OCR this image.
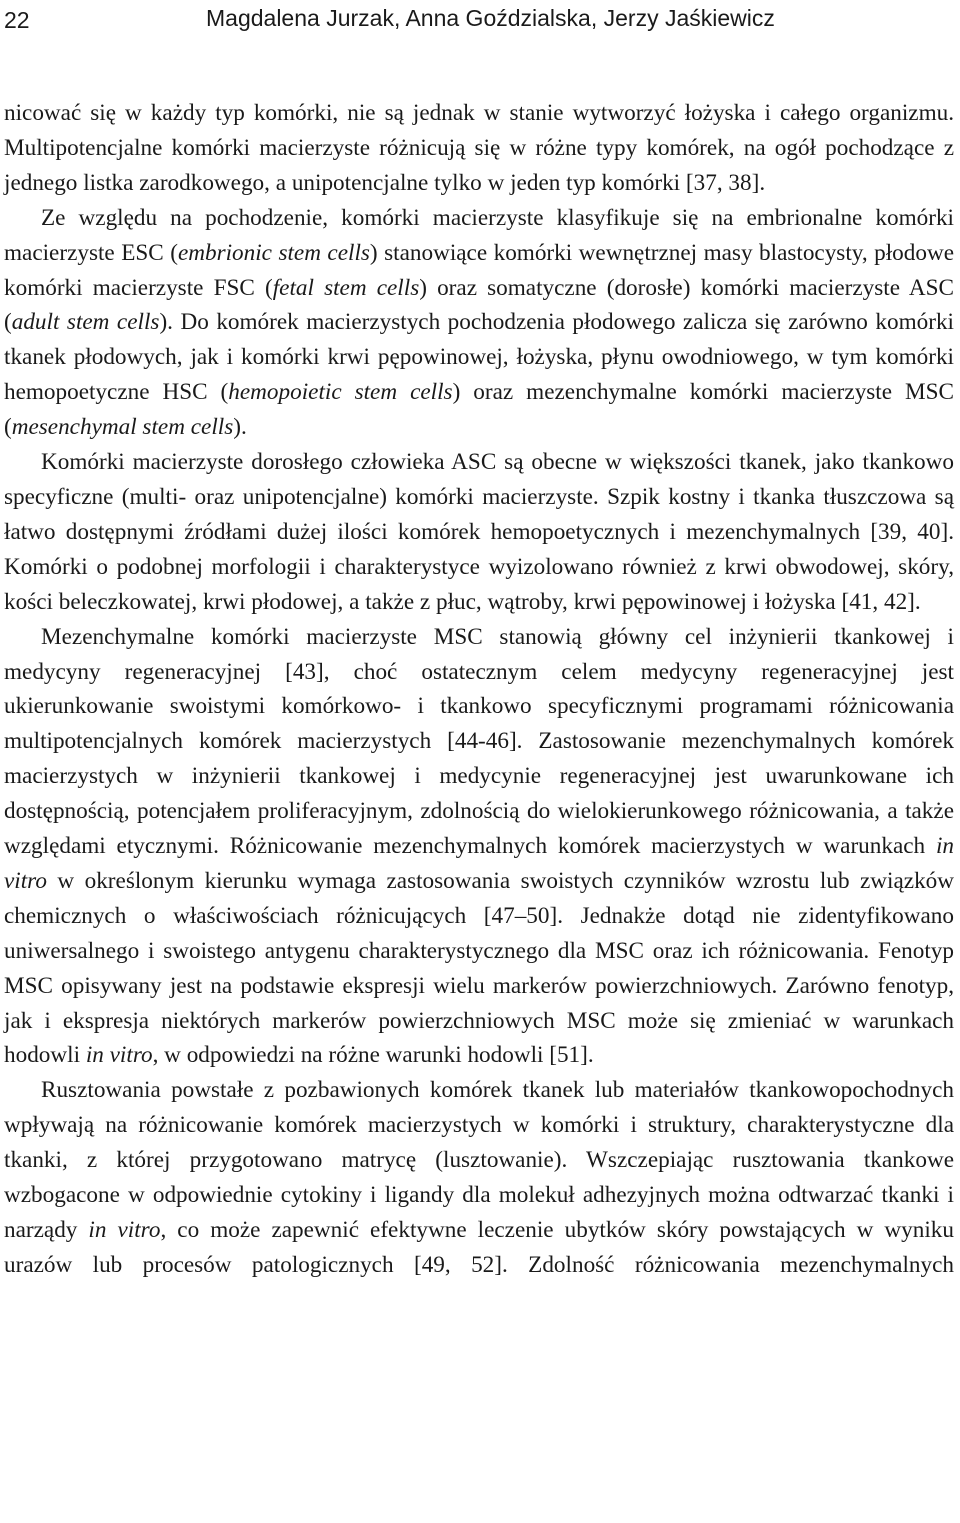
22	Magdalena Jurzak, Anna Goździalska, Jerzy Jaśkiewicz

nicować się w każdy typ komórki, nie są jednak w stanie wytworzyć łożyska i całego organizmu. Multipotencjalne komórki macierzyste różnicują się w różne typy komórek, na ogół pochodzące z jednego listka zarodkowego, a unipotencjalne tylko w jeden typ komórki [37, 38].

Ze względu na pochodzenie, komórki macierzyste klasyfikuje się na embrionalne komórki macierzyste ESC (embrionic stem cells) stanowiące komórki wewnętrznej masy blastocysty, płodowe komórki macierzyste FSC (fetal stem cells) oraz somatyczne (dorosłe) komórki macierzyste ASC (adult stem cells). Do komórek macierzystych pochodzenia płodowego zalicza się zarówno komórki tkanek płodowych, jak i komórki krwi pępowinowej, łożyska, płynu owodniowego, w tym komórki hemopoetyczne HSC (hemopoietic stem cells) oraz mezenchymalne komórki macierzyste MSC (mesenchymal stem cells).

Komórki macierzyste dorosłego człowieka ASC są obecne w większości tkanek, jako tkankowo specyficzne (multi- oraz unipotencjalne) komórki macierzyste. Szpik kostny i tkanka tłuszczowa są łatwo dostępnymi źródłami dużej ilości komórek hemopoetycznych i mezenchymalnych [39, 40]. Komórki o podobnej morfologii i charakterystyce wyizolowano również z krwi obwodowej, skóry, kości beleczkowatej, krwi płodowej, a także z płuc, wątroby, krwi pępowinowej i łożyska [41, 42].

Mezenchymalne komórki macierzyste MSC stanowią główny cel inżynierii tkankowej i medycyny regeneracyjnej [43], choć ostatecznym celem medycyny regeneracyjnej jest ukierunkowanie swoistymi komórkowo- i tkankowo specyficznymi programami różnicowania multipotencjalnych komórek macierzystych [44-46]. Zastosowanie mezenchymalnych komórek macierzystych w inżynierii tkankowej i medycynie regeneracyjnej jest uwarunkowane ich dostępnością, potencjałem proliferacyjnym, zdolnością do wielokierunkowego różnicowania, a także względami etycznymi. Różnicowanie mezenchymalnych komórek macierzystych w warunkach in vitro w określonym kierunku wymaga zastosowania swoistych czynników wzrostu lub związków chemicznych o właściwościach różnicujących [47–50]. Jednakże dotąd nie zidentyfikowano uniwersalnego i swoistego antygenu charakterystycznego dla MSC oraz ich różnicowania. Fenotyp MSC opisywany jest na podstawie ekspresji wielu markerów powierzchniowych. Zarówno fenotyp, jak i ekspresja niektórych markerów powierzchniowych MSC może się zmieniać w warunkach hodowli in vitro, w odpowiedzi na różne warunki hodowli [51].

Rusztowania powstałe z pozbawionych komórek tkanek lub materiałów tkankowopochodnych wpływają na różnicowanie komórek macierzystych w komórki i struktury, charakterystyczne dla tkanki, z której przygotowano matrycę (lusztowanie). Wszczepiając rusztowania tkankowe wzbogacone w odpowiednie cytokiny i ligandy dla molekuł adhezyjnych można odtwarzać tkanki i narządy in vitro, co może zapewnić efektywne leczenie ubytków skóry powstających w wyniku urazów lub procesów patologicznych [49, 52]. Zdolność różnicowania mezenchymalnych
